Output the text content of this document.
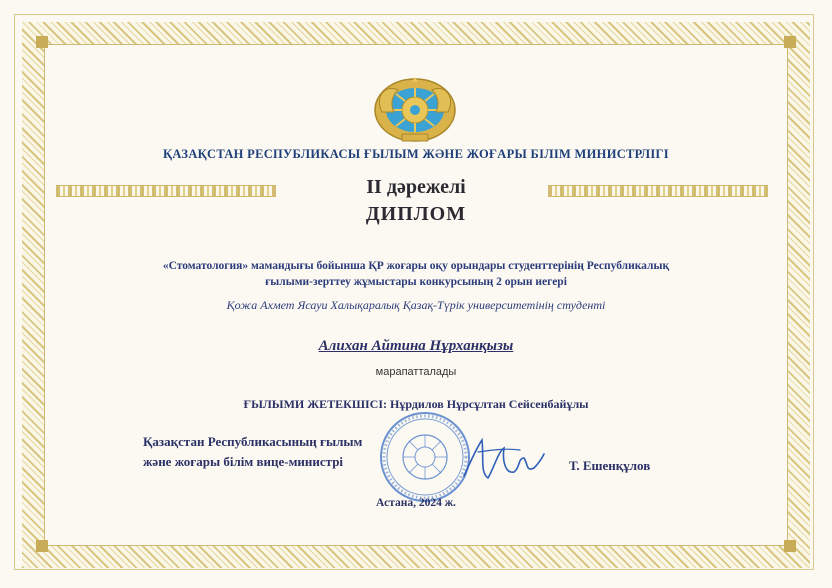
ҚАЗАҚСТАН РЕСПУБЛИКАСЫ ҒЫЛЫМ ЖӘНЕ ЖОҒАРЫ БІЛІМ МИНИСТРЛІГІ
ІІ дәрежелі
ДИПЛОМ
«Стоматология» мамандығы бойынша ҚР жоғары оқу орындары студенттерінің Республикалық
ғылыми-зерттеу жұмыстары конкурсының 2 орын иегері
Қожа Ахмет Ясауи Халықаралық Қазақ-Түрік университетінің студенті
Алихан Айтина Нұрханқызы
марапатталады
ҒЫЛЫМИ ЖЕТЕКШІСІ: Нұрдилов Нұрсұлтан Сейсенбайұлы
Қазақстан Республикасының ғылым
және жоғары білім вице-министрі	Т. Ешенқұлов
Астана, 2024 ж.
